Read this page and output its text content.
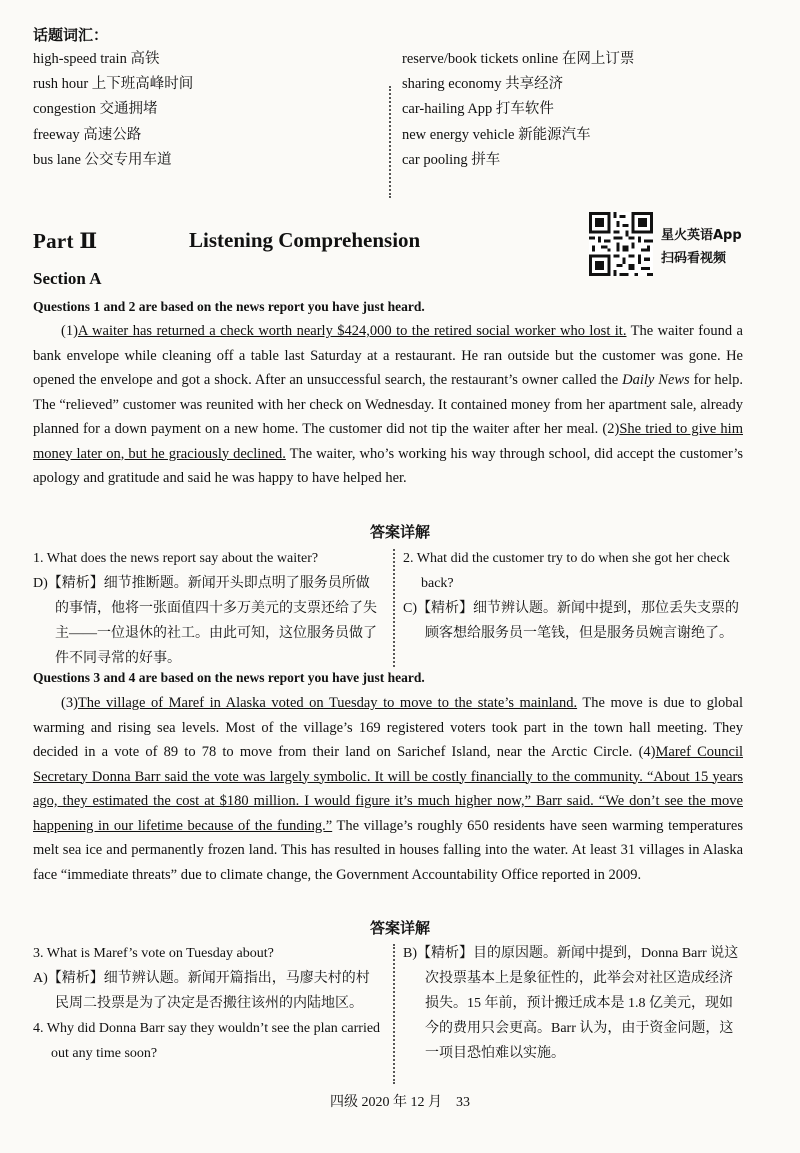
话题词汇：
high-speed train 高铁
rush hour 上下班高峰时间
congestion 交通拥堵
freeway 高速公路
bus lane 公交专用车道
reserve/book tickets online 在网上订票
sharing economy 共享经济
car-hailing App 打车软件
new energy vehicle 新能源汽车
car pooling 拼车
Part Ⅱ	Listening Comprehension	星火英语App
扫码看视频
Section A
Questions 1 and 2 are based on the news report you have just heard.

(1)A waiter has returned a check worth nearly $424,000 to the retired social worker who lost it. The waiter found a bank envelope while cleaning off a table last Saturday at a restaurant. He ran outside but the customer was gone. He opened the envelope and got a shock. After an unsuccessful search, the restaurant’s owner called the Daily News for help. The “relieved” customer was reunited with her check on Wednesday. It contained money from her apartment sale, already planned for a down payment on a new home. The customer did not tip the waiter after her meal. (2)She tried to give him money later on, but he graciously declined. The waiter, who’s working his way through school, did accept the customer’s apology and gratitude and said he was happy to have helped her.

答案详解
1. What does the news report say about the waiter?
D)【精析】细节推断题。新闻开头即点明了服务员所做的事情，他将一张面值四十多万美元的支票还给了失主——一位退休的社工。由此可知，这位服务员做了件不同寻常的好事。
2. What did the customer try to do when she got her check back?
C)【精析】细节辨认题。新闻中提到，那位丢失支票的顾客想给服务员一笔钱，但是服务员婉言谢绝了。
Questions 3 and 4 are based on the news report you have just heard.

(3)The village of Maref in Alaska voted on Tuesday to move to the state’s mainland. The move is due to global warming and rising sea levels. Most of the village’s 169 registered voters took part in the town hall meeting. They decided in a vote of 89 to 78 to move from their land on Sarichef Island, near the Arctic Circle. (4)Maref Council Secretary Donna Barr said the vote was largely symbolic. It will be costly financially to the community. “About 15 years ago, they estimated the cost at $180 million. I would figure it’s much higher now,” Barr said. “We don’t see the move happening in our lifetime because of the funding.” The village’s roughly 650 residents have seen warming temperatures melt sea ice and permanently frozen land. This has resulted in houses falling into the water. At least 31 villages in Alaska face “immediate threats” due to climate change, the Government Accountability Office reported in 2009.

答案详解
3. What is Maref’s vote on Tuesday about?
A)【精析】细节辨认题。新闻开篇指出，马廖夫村的村民周二投票是为了决定是否搬往该州的内陆地区。
4. Why did Donna Barr say they wouldn’t see the plan carried out any time soon?
B)【精析】目的原因题。新闻中提到，Donna Barr 说这次投票基本上是象征性的，此举会对社区造成经济损失。15 年前，预计搬迁成本是 1.8 亿美元，现如今的费用只会更高。Barr 认为，由于资金问题，这一项目恐怕难以实施。
四级 2020 年 12 月　33
